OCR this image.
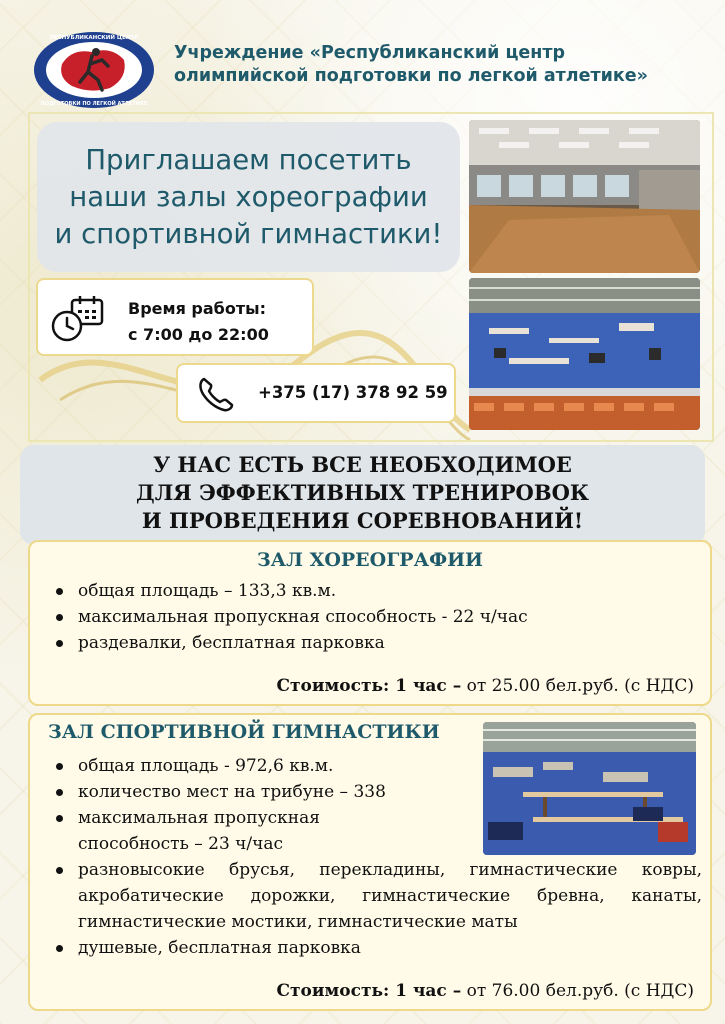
РЕСПУБЛИКАНСКИЙ ЦЕНТР
ПОДГОТОВКИ ПО ЛЕГКОЙ АТЛЕТИКЕ
Учреждение «Республиканский центр
олимпийской подготовки по легкой атлетике»
Приглашаем посетить
наши залы хореографии
и спортивной гимнастики!
Время работы:
с 7:00 до 22:00
+375 (17) 378 92 59
У НАС ЕСТЬ ВСЕ НЕОБХОДИМОЕ
ДЛЯ ЭФФЕКТИВНЫХ ТРЕНИРОВОК
И ПРОВЕДЕНИЯ СОРЕВНОВАНИЙ!
ЗАЛ ХОРЕОГРАФИИ
общая площадь – 133,3 кв.м.
максимальная пропускная способность - 22 ч/час
раздевалки, бесплатная парковка
Стоимость: 1 час – от 25.00 бел.руб. (с НДС)
ЗАЛ СПОРТИВНОЙ ГИМНАСТИКИ
общая площадь - 972,6 кв.м.
количество мест на трибуне – 338
максимальная пропускная способность – 23 ч/час
разновысокие брусья, перекладины, гимнастические ковры, акробатические дорожки, гимнастические бревна, канаты, гимнастические мостики, гимнастические маты
душевые, бесплатная парковка
Стоимость: 1 час – от 76.00 бел.руб. (с НДС)
